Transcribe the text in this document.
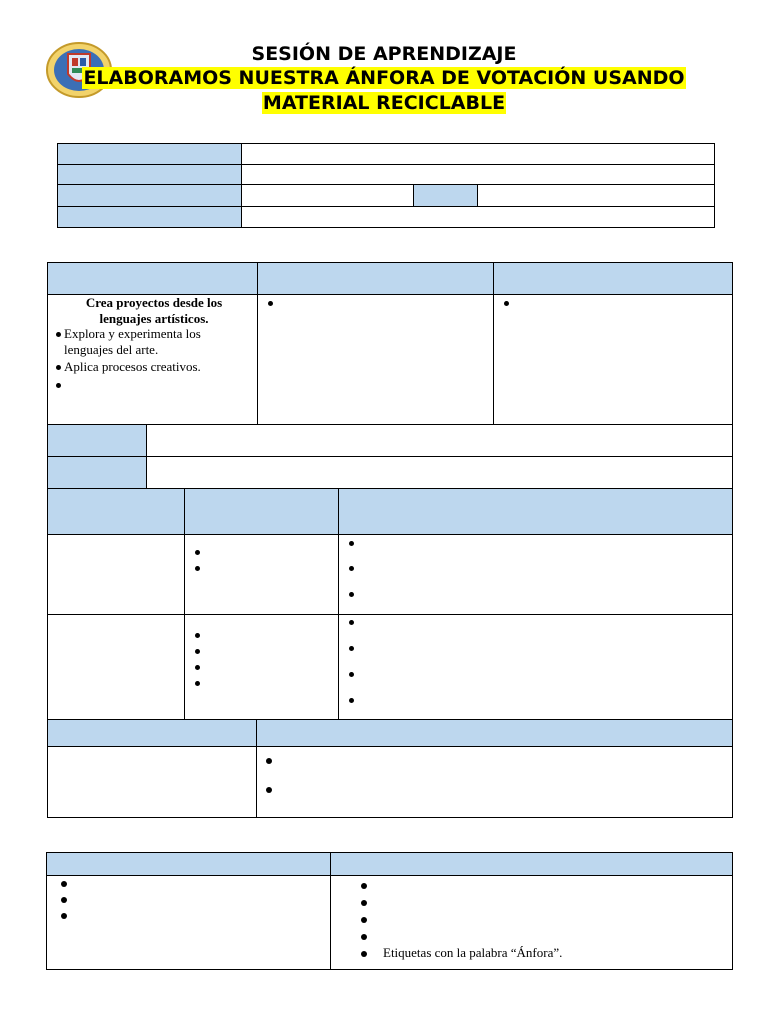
SESIÓN DE APRENDIZAJE
ELABORAMOS NUESTRA ÁNFORA DE VOTACIÓN USANDO
MATERIAL RECICLABLE
Crea proyectos desde los lenguajes artísticos.
Explora y experimenta los lenguajes del arte.
Aplica procesos creativos.
Etiquetas con la palabra “Ánfora”.
